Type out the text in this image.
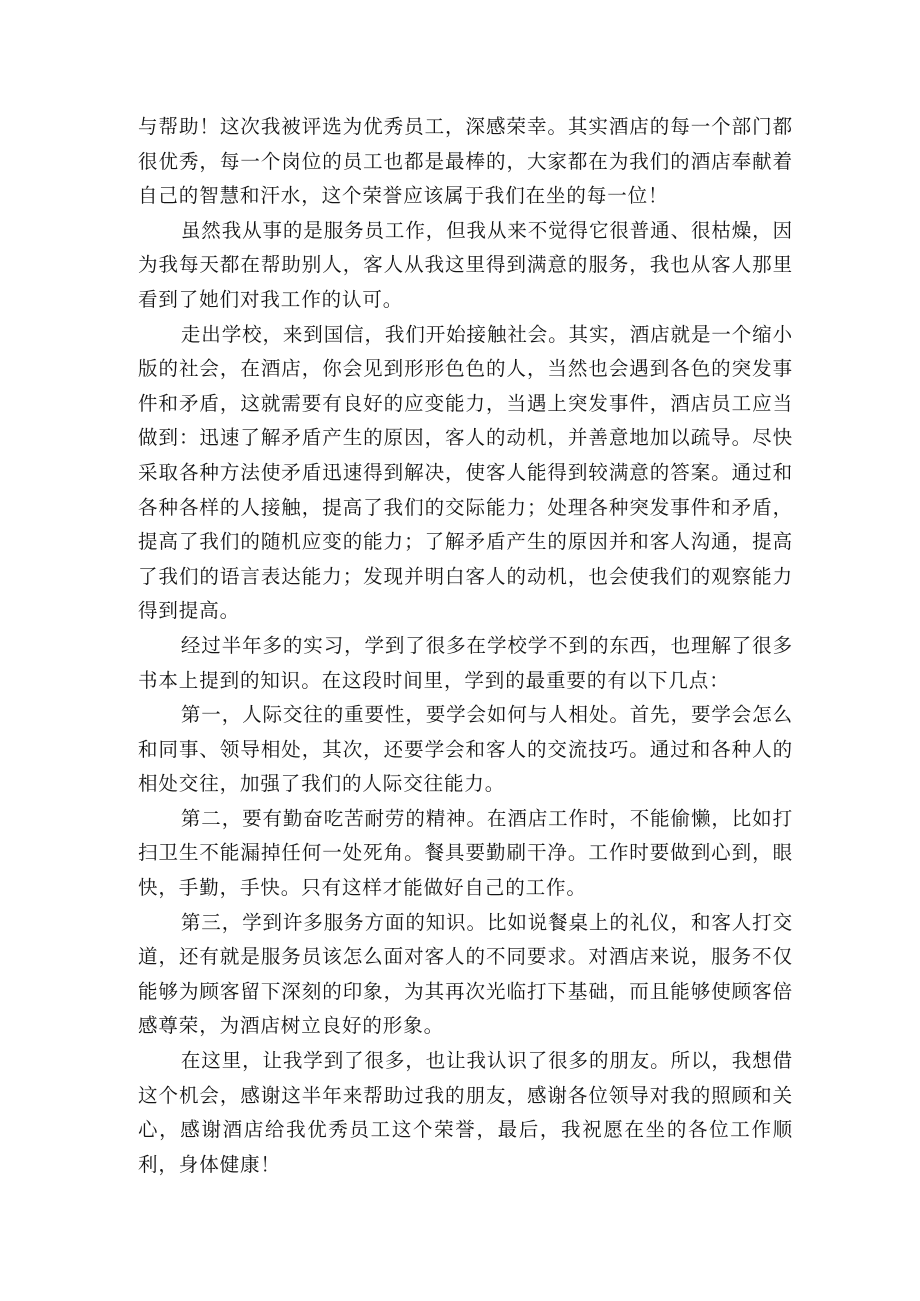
与帮助！这次我被评选为优秀员工，深感荣幸。其实酒店的每一个部门都很优秀，每一个岗位的员工也都是最棒的，大家都在为我们的酒店奉献着自己的智慧和汗水，这个荣誉应该属于我们在坐的每一位！

虽然我从事的是服务员工作，但我从来不觉得它很普通、很枯燥，因为我每天都在帮助别人，客人从我这里得到满意的服务，我也从客人那里看到了她们对我工作的认可。

走出学校，来到国信，我们开始接触社会。其实，酒店就是一个缩小版的社会，在酒店，你会见到形形色色的人，当然也会遇到各色的突发事件和矛盾，这就需要有良好的应变能力，当遇上突发事件，酒店员工应当做到：迅速了解矛盾产生的原因，客人的动机，并善意地加以疏导。尽快采取各种方法使矛盾迅速得到解决，使客人能得到较满意的答案。通过和各种各样的人接触，提高了我们的交际能力；处理各种突发事件和矛盾，提高了我们的随机应变的能力；了解矛盾产生的原因并和客人沟通，提高了我们的语言表达能力；发现并明白客人的动机，也会使我们的观察能力得到提高。

经过半年多的实习，学到了很多在学校学不到的东西，也理解了很多书本上提到的知识。在这段时间里，学到的最重要的有以下几点：

第一，人际交往的重要性，要学会如何与人相处。首先，要学会怎么和同事、领导相处，其次，还要学会和客人的交流技巧。通过和各种人的相处交往，加强了我们的人际交往能力。

第二，要有勤奋吃苦耐劳的精神。在酒店工作时，不能偷懒，比如打扫卫生不能漏掉任何一处死角。餐具要勤刷干净。工作时要做到心到，眼快，手勤，手快。只有这样才能做好自己的工作。

第三，学到许多服务方面的知识。比如说餐桌上的礼仪，和客人打交道，还有就是服务员该怎么面对客人的不同要求。对酒店来说，服务不仅能够为顾客留下深刻的印象，为其再次光临打下基础，而且能够使顾客倍感尊荣，为酒店树立良好的形象。

在这里，让我学到了很多，也让我认识了很多的朋友。所以，我想借这个机会，感谢这半年来帮助过我的朋友，感谢各位领导对我的照顾和关心，感谢酒店给我优秀员工这个荣誉，最后，我祝愿在坐的各位工作顺利，身体健康！
